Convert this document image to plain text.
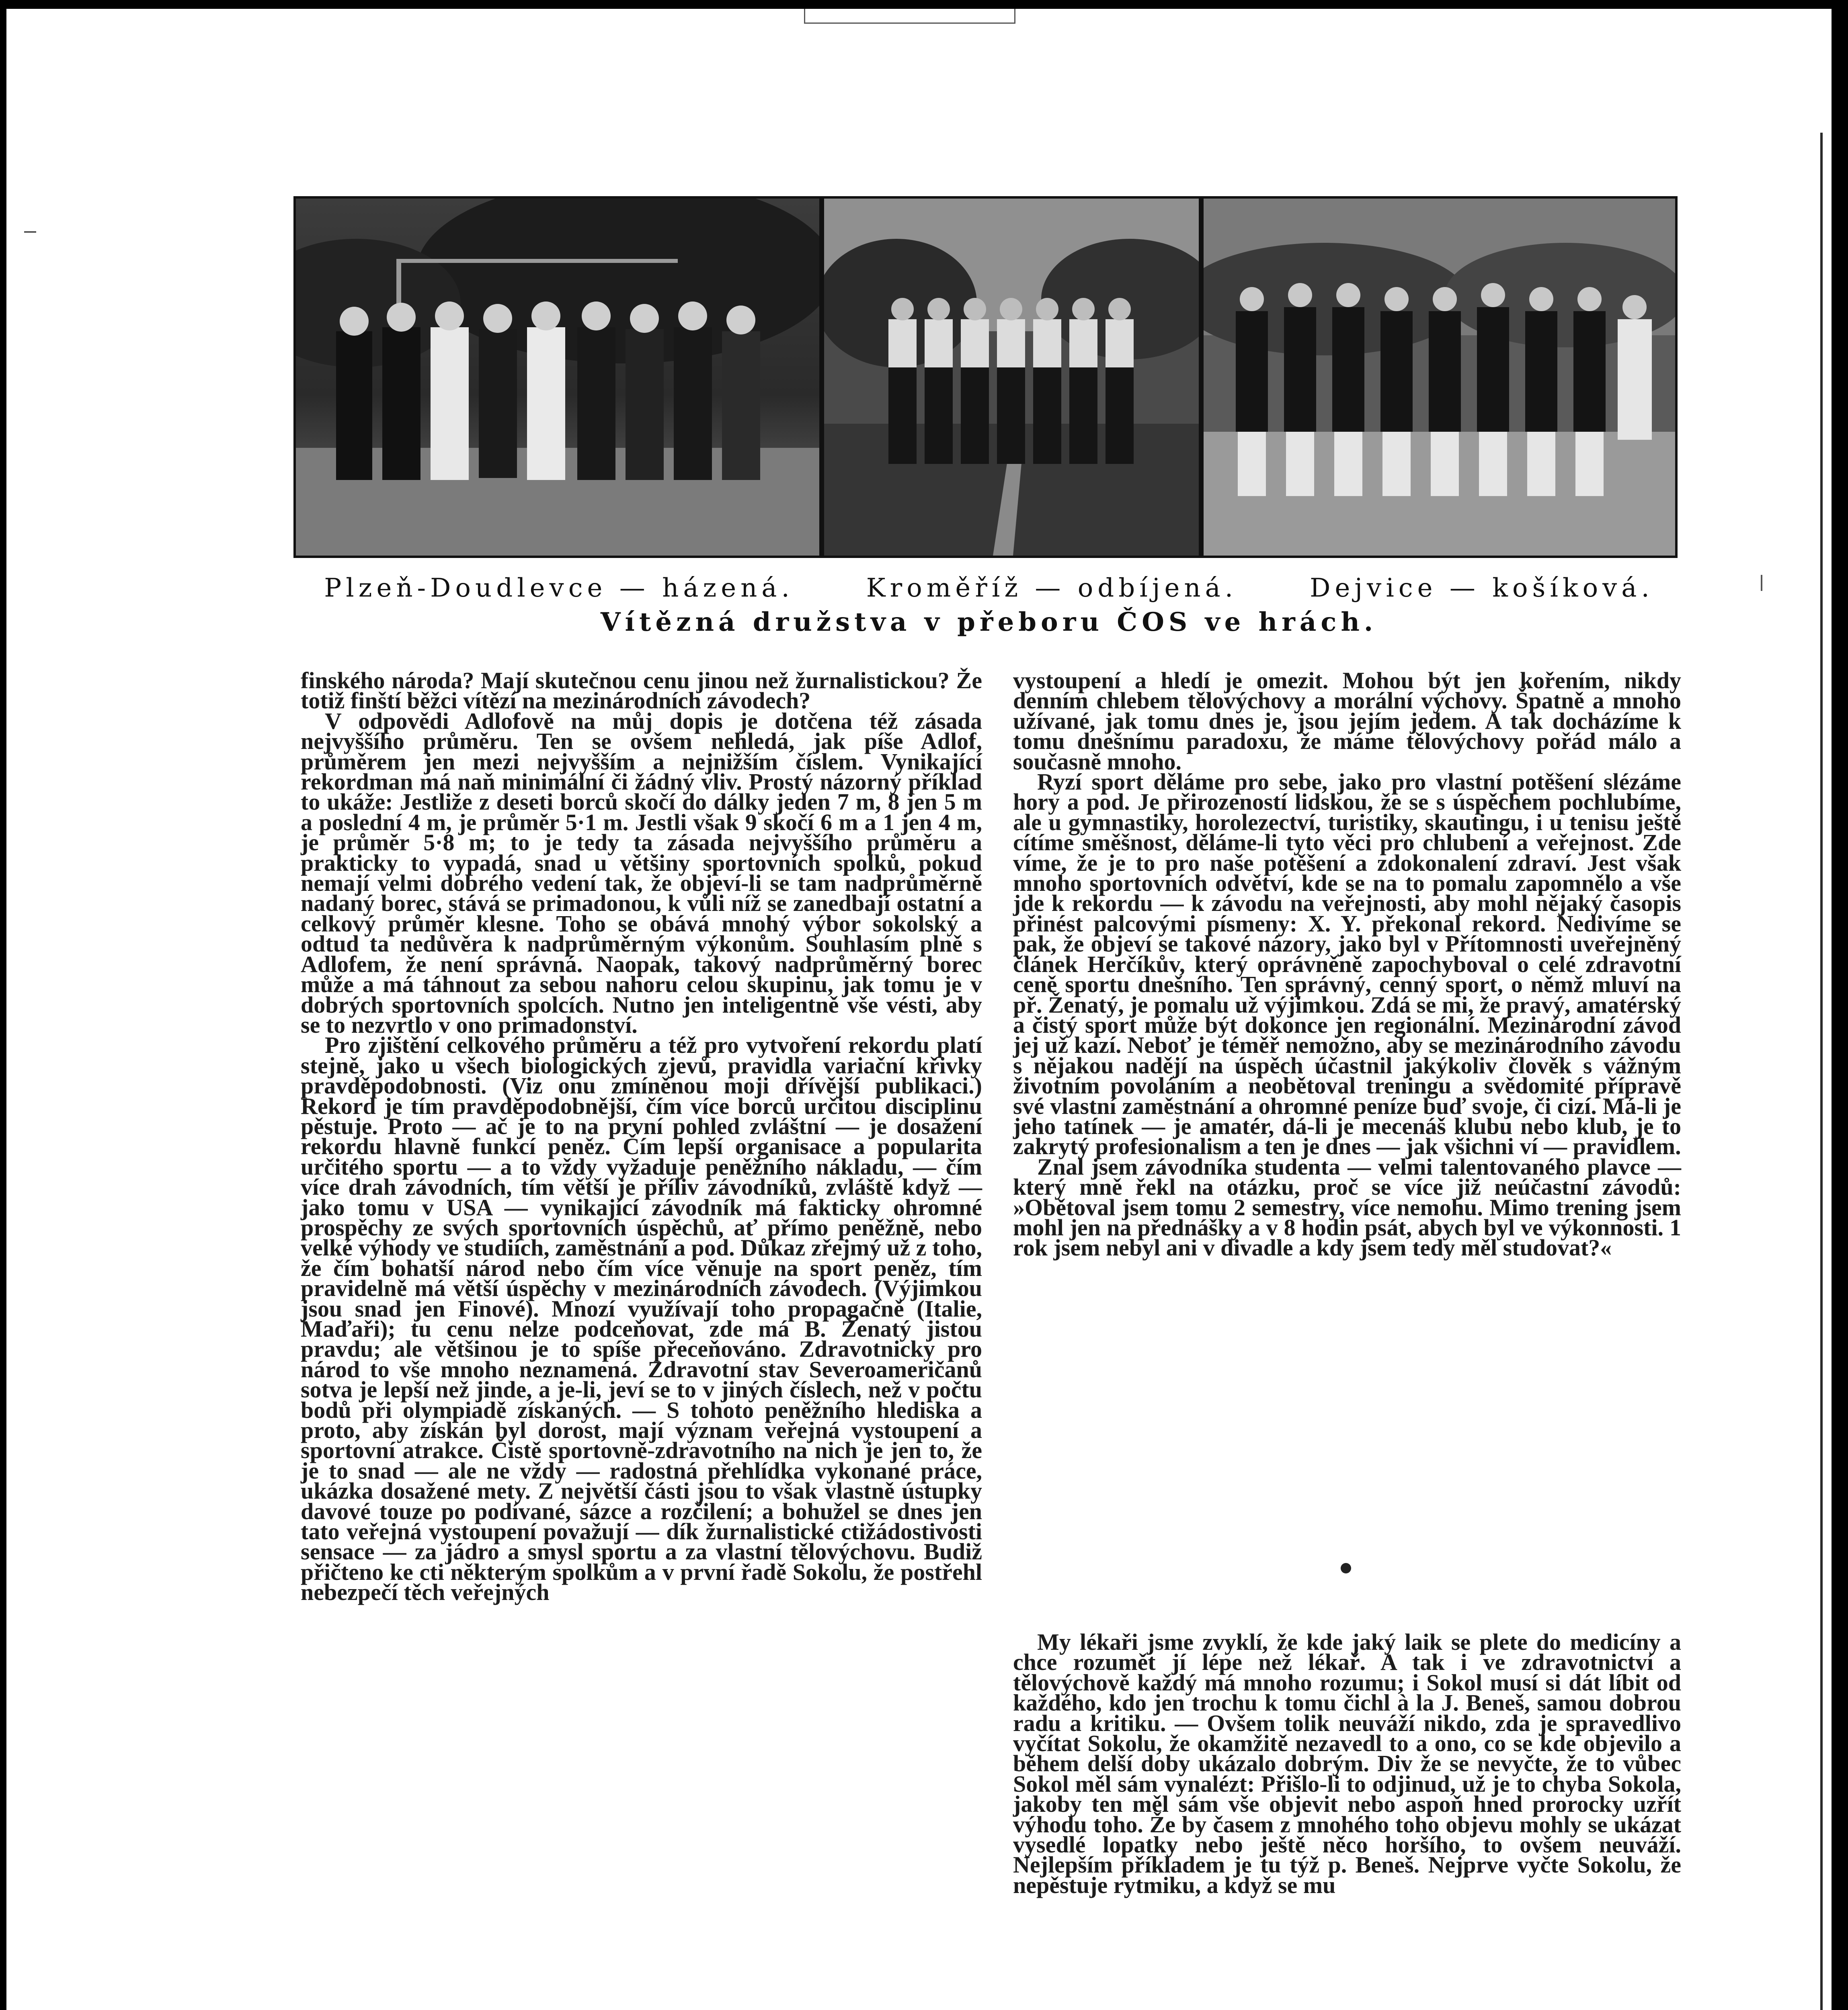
Plzeň-Doudlevce — házená.	Kroměříž — odbíjená.	Dejvice — košíková.
Vítězná družstva v přeboru ČOS ve hrách.

finského národa? Mají skutečnou cenu jinou než žurnalistickou? Že totiž finští běžci vítězí na mezinárodních závodech?

V odpovědi Adlofově na můj dopis je dotčena též zásada nejvyššího průměru. Ten se ovšem nehledá, jak píše Adlof, průměrem jen mezi nejvyšším a nejnižším číslem. Vynikající rekordman má naň minimální či žádný vliv. Prostý názorný příklad to ukáže: Jestliže z deseti borců skočí do dálky jeden 7 m, 8 jen 5 m a poslední 4 m, je průměr 5·1 m. Jestli však 9 skočí 6 m a 1 jen 4 m, je průměr 5·8 m; to je tedy ta zásada nejvyššího průměru a prakticky to vypadá, snad u většiny sportovních spolků, pokud nemají velmi dobrého vedení tak, že objeví-li se tam nadprůměrně nadaný borec, stává se primadonou, k vůli níž se zanedbají ostatní a celkový průměr klesne. Toho se obává mnohý výbor sokolský a odtud ta nedůvěra k nadprůměrným výkonům. Souhlasím plně s Adlofem, že není správná. Naopak, takový nadprůměrný borec může a má táhnout za sebou nahoru celou skupinu, jak tomu je v dobrých sportovních spolcích. Nutno jen inteligentně vše vésti, aby se to nezvrtlo v ono primadonství.

Pro zjištění celkového průměru a též pro vytvoření rekordu platí stejně, jako u všech biologických zjevů, pravidla variační křivky pravděpodobnosti. (Viz onu zmíněnou moji dřívější publikaci.) Rekord je tím pravděpodobnější, čím více borců určitou disciplinu pěstuje. Proto — ač je to na první pohled zvláštní — je dosažení rekordu hlavně funkcí peněz. Čím lepší organisace a popularita určitého sportu — a to vždy vyžaduje peněžního nákladu, — čím více drah závodních, tím větší je příliv závodníků, zvláště když — jako tomu v USA — vynikající závodník má fakticky ohromné prospěchy ze svých sportovních úspěchů, ať přímo peněžně, nebo velké výhody ve studiích, zaměstnání a pod. Důkaz zřejmý už z toho, že čím bohatší národ nebo čím více věnuje na sport peněz, tím pravidelně má větší úspěchy v mezinárodních závodech. (Výjimkou jsou snad jen Finové). Mnozí využívají toho propagačně (Italie, Maďaři); tu cenu nelze podceňovat, zde má B. Ženatý jistou pravdu; ale většinou je to spíše přeceňováno. Zdravotnicky pro národ to vše mnoho neznamená. Zdravotní stav Severoameričanů sotva je lepší než jinde, a je-li, jeví se to v jiných číslech, než v počtu bodů při olympiadě získaných. — S tohoto peněžního hlediska a proto, aby získán byl dorost, mají význam veřejná vystoupení a sportovní atrakce. Čistě sportovně-zdravotního na nich je jen to, že je to snad — ale ne vždy — radostná přehlídka vykonané práce, ukázka dosažené mety. Z největší části jsou to však vlastně ústupky davové touze po podívané, sázce a rozčilení; a bohužel se dnes jen tato veřejná vystoupení považují — dík žurnalistické ctižádostivosti sensace — za jádro a smysl sportu a za vlastní tělovýchovu. Budiž přičteno ke cti některým spolkům a v první řadě Sokolu, že postřehl nebezpečí těch veřejných

vystoupení a hledí je omezit. Mohou být jen kořením, nikdy denním chlebem tělovýchovy a morální výchovy. Špatně a mnoho užívané, jak tomu dnes je, jsou jejím jedem. A tak docházíme k tomu dnešnímu paradoxu, že máme tělovýchovy pořád málo a současně mnoho.

Ryzí sport děláme pro sebe, jako pro vlastní potěšení slézáme hory a pod. Je přirozeností lidskou, že se s úspěchem pochlubíme, ale u gymnastiky, horolezectví, turistiky, skautingu, i u tenisu ještě cítíme směšnost, děláme-li tyto věci pro chlubení a veřejnost. Zde víme, že je to pro naše potěšení a zdokonalení zdraví. Jest však mnoho sportovních odvětví, kde se na to pomalu zapomnělo a vše jde k rekordu — k závodu na veřejnosti, aby mohl nějaký časopis přinést palcovými písmeny: X. Y. překonal rekord. Nedivíme se pak, že objeví se takové názory, jako byl v Přítomnosti uveřejněný článek Herčíkův, který oprávněně zapochyboval o celé zdravotní ceně sportu dnešního. Ten správný, cenný sport, o němž mluví na př. Ženatý, je pomalu už výjimkou. Zdá se mi, že pravý, amatérský a čistý sport může být dokonce jen regionální. Mezinárodní závod jej už kazí. Neboť je téměř nemožno, aby se mezinárodního závodu s nějakou nadějí na úspěch účastnil jakýkoliv člověk s vážným životním povoláním a neobětoval treningu a svědomité přípravě své vlastní zaměstnání a ohromné peníze buď svoje, či cizí. Má-li je jeho tatínek — je amatér, dá-li je mecenáš klubu nebo klub, je to zakrytý profesionalism a ten je dnes — jak všichni ví — pravidlem.

Znal jsem závodníka studenta — velmi talentovaného plavce — který mně řekl na otázku, proč se více již neúčastní závodů: »Obětoval jsem tomu 2 semestry, více nemohu. Mimo trening jsem mohl jen na přednášky a v 8 hodin psát, abych byl ve výkonnosti. 1 rok jsem nebyl ani v divadle a kdy jsem tedy měl studovat?«

My lékaři jsme zvyklí, že kde jaký laik se plete do medicíny a chce rozumět jí lépe než lékař. A tak i ve zdravotnictví a tělovýchově každý má mnoho rozumu; i Sokol musí si dát líbit od každého, kdo jen trochu k tomu čichl à la J. Beneš, samou dobrou radu a kritiku. — Ovšem tolik neuváží nikdo, zda je spravedlivo vyčítat Sokolu, že okamžitě nezavedl to a ono, co se kde objevilo a během delší doby ukázalo dobrým. Div že se nevyčte, že to vůbec Sokol měl sám vynalézt: Přišlo-li to odjinud, už je to chyba Sokola, jakoby ten měl sám vše objevit nebo aspoň hned prorocky uzřít výhodu toho. Že by časem z mnohého toho objevu mohly se ukázat vysedlé lopatky nebo ještě něco horšího, to ovšem neuváží. Nejlepším příkladem je tu týž p. Beneš. Nejprve vyčte Sokolu, že nepěstuje rytmiku, a když se mu
